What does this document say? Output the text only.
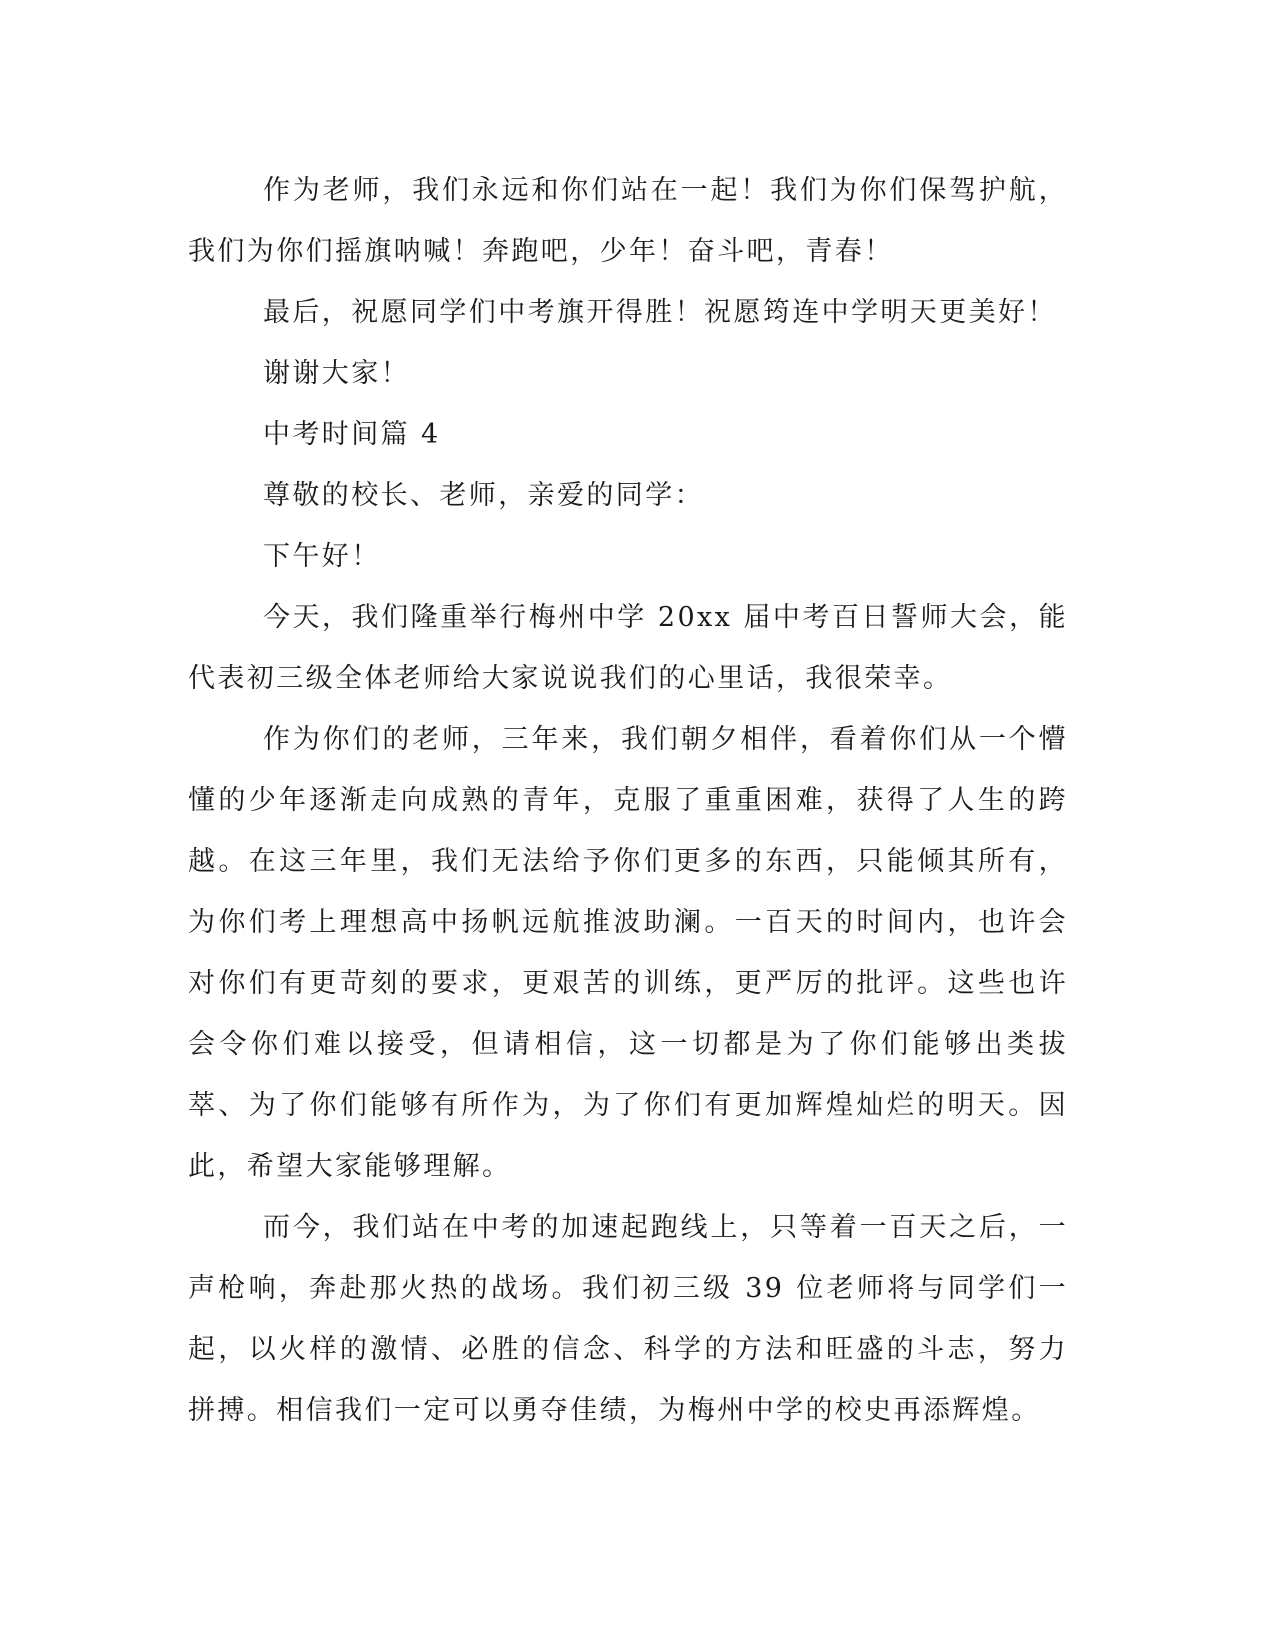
作为老师，我们永远和你们站在一起！我们为你们保驾护航，我们为你们摇旗呐喊！奔跑吧，少年！奋斗吧，青春！

最后，祝愿同学们中考旗开得胜！祝愿筠连中学明天更美好！

谢谢大家！

中考时间篇 4

尊敬的校长、老师，亲爱的同学：

下午好！

今天，我们隆重举行梅州中学 20xx 届中考百日誓师大会，能代表初三级全体老师给大家说说我们的心里话，我很荣幸。

作为你们的老师，三年来，我们朝夕相伴，看着你们从一个懵懂的少年逐渐走向成熟的青年，克服了重重困难，获得了人生的跨越。在这三年里，我们无法给予你们更多的东西，只能倾其所有，为你们考上理想高中扬帆远航推波助澜。一百天的时间内，也许会对你们有更苛刻的要求，更艰苦的训练，更严厉的批评。这些也许会令你们难以接受，但请相信，这一切都是为了你们能够出类拔萃、为了你们能够有所作为，为了你们有更加辉煌灿烂的明天。因此，希望大家能够理解。

而今，我们站在中考的加速起跑线上，只等着一百天之后，一声枪响，奔赴那火热的战场。我们初三级 39 位老师将与同学们一起，以火样的激情、必胜的信念、科学的方法和旺盛的斗志，努力拼搏。相信我们一定可以勇夺佳绩，为梅州中学的校史再添辉煌。
